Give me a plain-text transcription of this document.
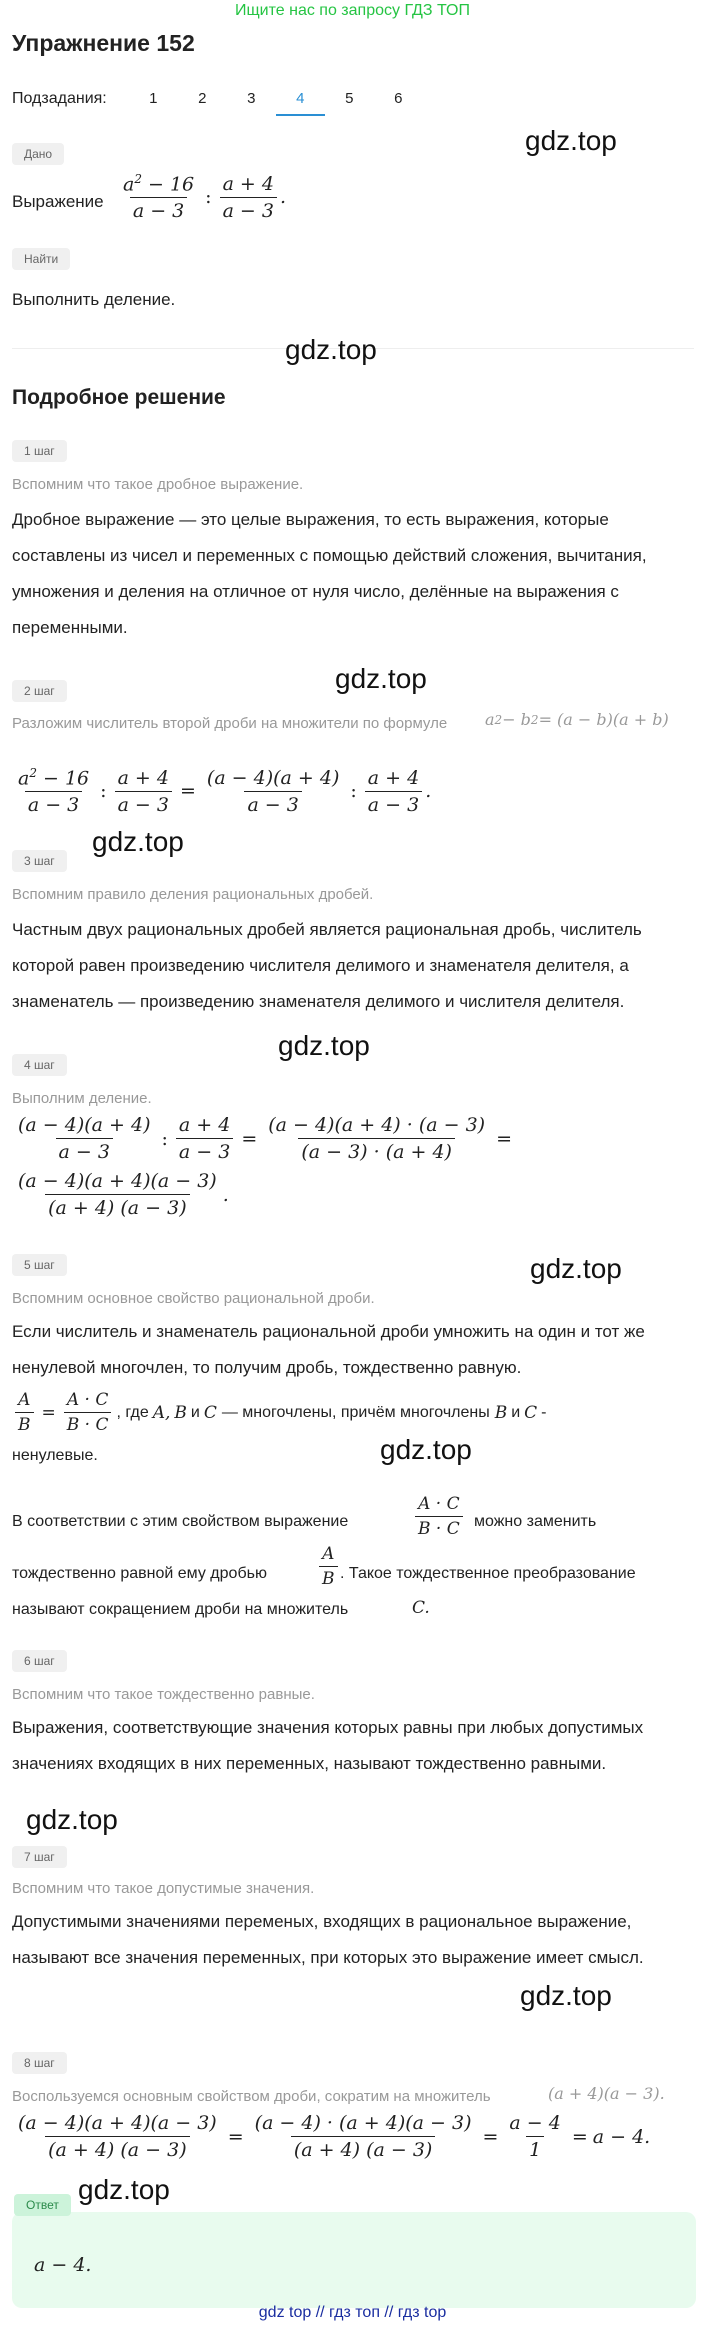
Ищите нас по запросу ГДЗ ТОП
Упражнение 152
Подзадания:	1	2	3	4	5	6
Дано	gdz.top
Выражение $\frac{a^2 - 16}{a - 3}$ : $\frac{a + 4}{a - 3}$ .
Найти
Выполнить деление.
gdz.top
Подробное решение
1 шаг
Вспомним что такое дробное выражение.
Дробное выражение — это целые выражения, то есть выражения, которые составлены из чисел и переменных с помощью действий сложения, вычитания, умножения и деления на отличное от нуля число, делённые на выражения с переменными.
2 шаг	gdz.top
Разложим числитель второй дроби на множители по формуле	a 2 − b 2 = (a − b)(a + b)
$\frac{a^2 - 16}{a - 3}$ : $\frac{a + 4}{a - 3} = \frac{(a - 4)(a + 4)}{a - 3}$ : $\frac{a + 4}{a - 3}$ .
3 шаг
gdz.top
Вспомним правило деления рациональных дробей.
Частным двух рациональных дробей является рациональная дробь, числитель которой равен произведению числителя делимого и знаменателя делителя, а знаменатель — произведению знаменателя делимого и числителя делителя.
gdz.top
4 шаг
Выполним деление.
$\frac{(a - 4)(a + 4)}{a - 3}$ : $\frac{a + 4}{a - 3} = \frac{(a - 4)(a + 4) \cdot (a - 3)}{(a - 3) \cdot (a + 4)}$ =
$\frac{(a - 4)(a + 4)(a - 3)}{(a + 4) (a - 3)}$ .
5 шаг	gdz.top
Вспомним основное свойство рациональной дроби.
Если числитель и знаменатель рациональной дроби умножить на один и тот же ненулевой многочлен, то получим дробь, тождественно равную.
$\frac{A}{B} = \frac{A \cdot C}{B \cdot C}$ , где A, B и C — многочлены, причём многочлены B и C -
ненулевые.	gdz.top
В соответствии с этим свойством выражение	$\frac{A \cdot C}{B \cdot C}$ можно заменить
тождественно равной ему дробью	$\frac{A}{B}$ . Такое тождественное преобразование
называют сокращением дроби на множитель	C.
6 шаг
Вспомним что такое тождественно равные.
Выражения, соответствующие значения которых равны при любых допустимых значениях входящих в них переменных, называют тождественно равными.
gdz.top
7 шаг
Вспомним что такое допустимые значения.
Допустимыми значениями переменых, входящих в рациональное выражение, называют все значения переменных, при которых это выражение имеет смысл.
gdz.top
8 шаг
Воспользуемся основным свойством дроби, сократим на множитель	(a + 4)(a − 3).
$\frac{(a - 4)(a + 4)(a - 3)}{(a + 4) (a - 3)} = \frac{(a - 4) \cdot (a + 4)(a - 3)}{(a + 4) (a - 3)} = \frac{a - 4}{1} = a - 4$.
Ответ gdz.top
a − 4.
gdz top // гдз топ // гдз top
